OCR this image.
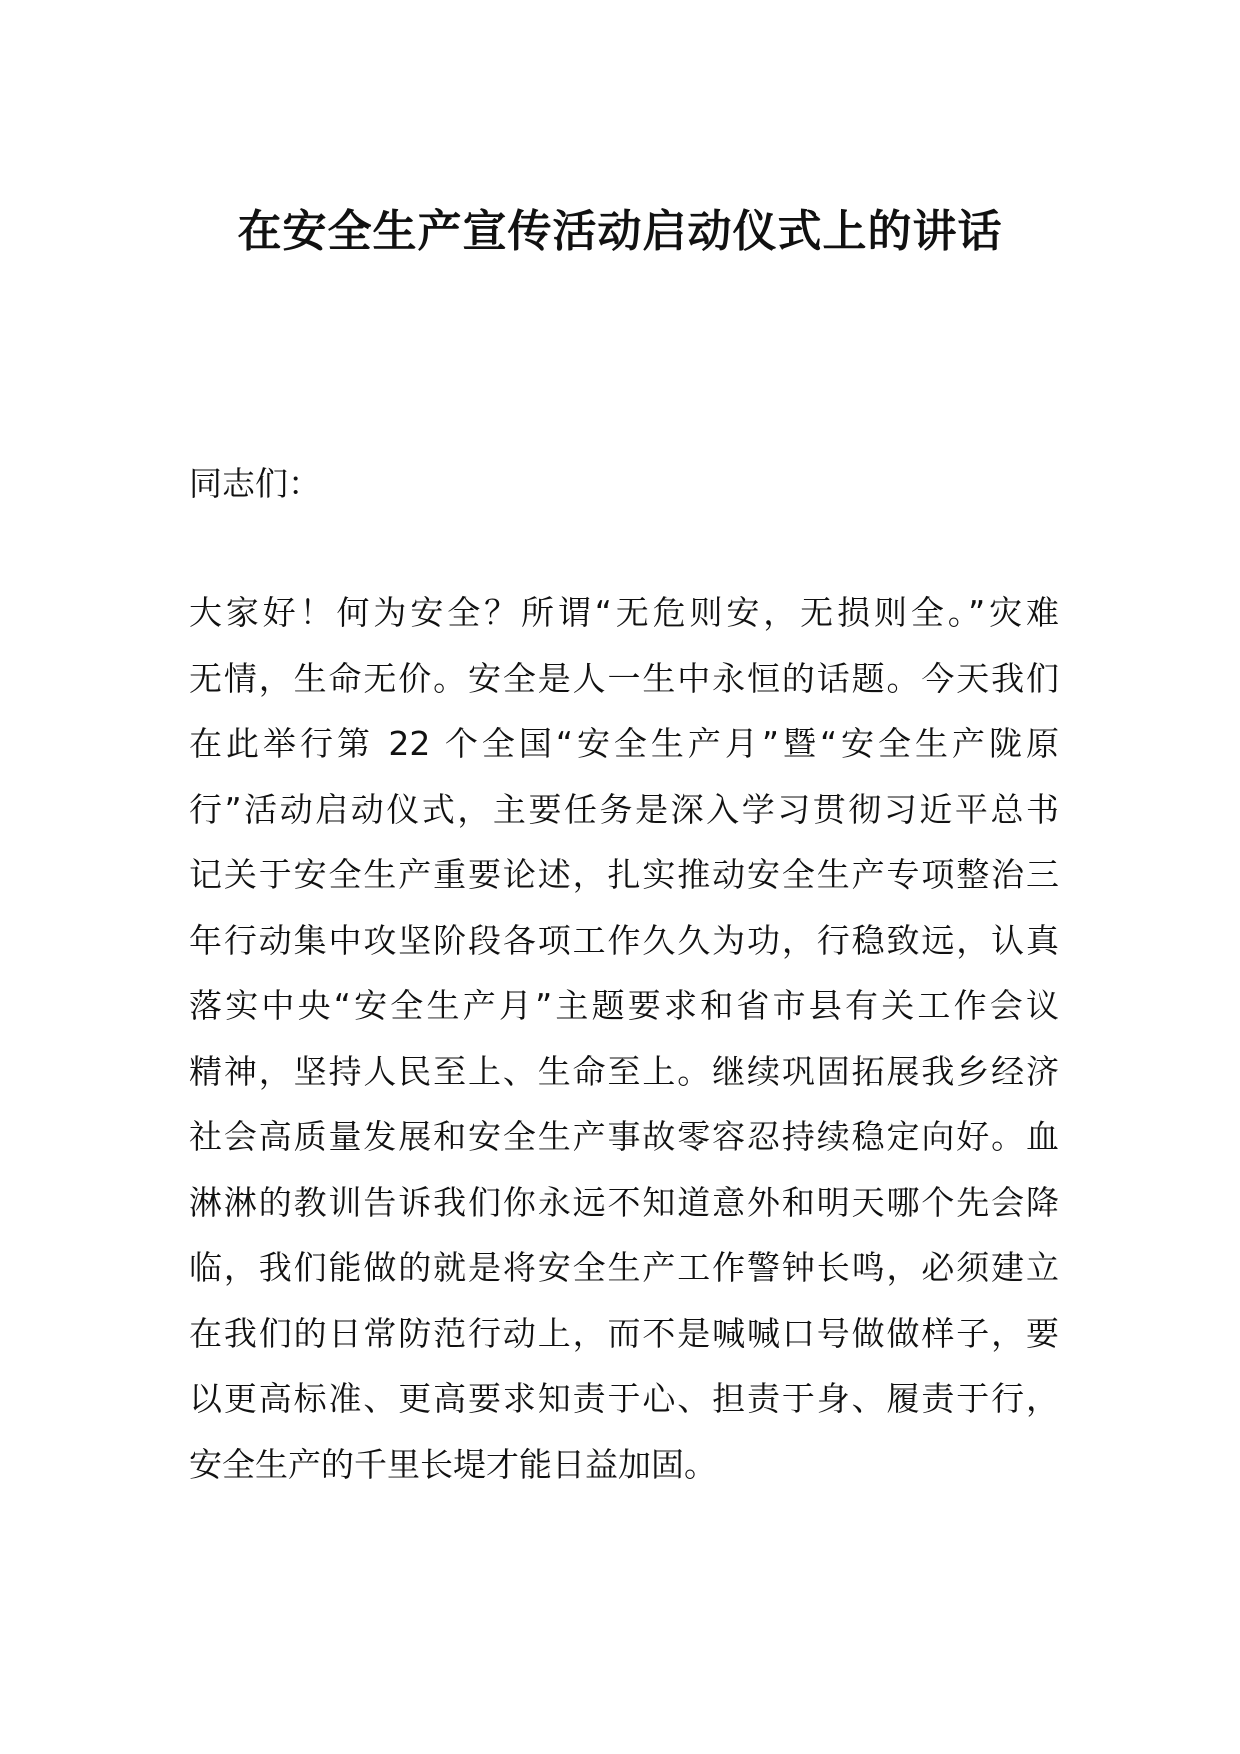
在安全生产宣传活动启动仪式上的讲话

同志们：

大家好！何为安全？所谓“无危则安，无损则全。”灾难
无情，生命无价。安全是人一生中永恒的话题。今天我们
在此举行第 22 个全国“安全生产月”暨“安全生产陇原
行”活动启动仪式，主要任务是深入学习贯彻习近平总书
记关于安全生产重要论述，扎实推动安全生产专项整治三
年行动集中攻坚阶段各项工作久久为功，行稳致远，认真
落实中央“安全生产月”主题要求和省市县有关工作会议
精神，坚持人民至上、生命至上。继续巩固拓展我乡经济
社会高质量发展和安全生产事故零容忍持续稳定向好。血
淋淋的教训告诉我们你永远不知道意外和明天哪个先会降
临，我们能做的就是将安全生产工作警钟长鸣，必须建立
在我们的日常防范行动上，而不是喊喊口号做做样子，要
以更高标准、更高要求知责于心、担责于身、履责于行，
安全生产的千里长堤才能日益加固。
